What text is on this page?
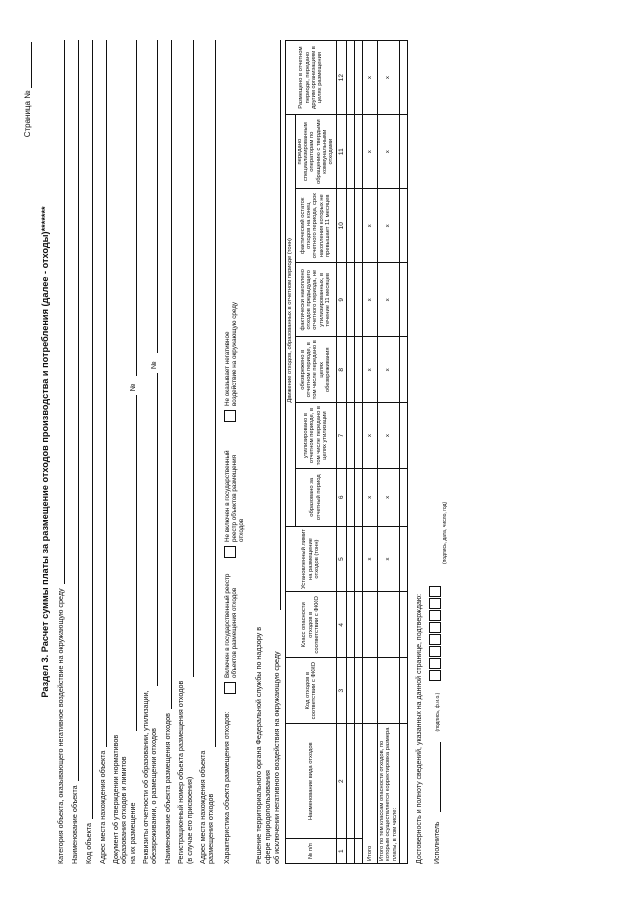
Страница №
Раздел 3. Расчет суммы платы за размещение отходов производства и потребления (далее - отходы)*******
Категория объекта, оказывающего негативное воздействие на окружающую среду Наименование объекта Код объекта Адрес места нахождения объекта Документ об утверждении нормативов
образования отходов и лимитов
на их размещение
№
Реквизиты отчетности об образовании, утилизации,
обезвреживании, о размещении отходов
№
Наименование объекта размещения отходов Регистрационный номер объекта размещения отходов
(в случае его присвоения)
Адрес места нахождения объекта
размещения отходов Характеристика объекта размещения отходов:
Включен в государственный реестр объектов размещения отходов
Не включен в государственный реестр объектов размещения отходов
Не оказывает негативное воздействие на окружающую среду
Решение территориального органа Федеральной службы по надзору в сфере природопользования
об исключении негативного воздействия на окружающую среду
№ п/п	Наименование вида отходов	Код отходов в соответствии с ФККО	Класс опасности отходов в соответствии с ФККО	Установленный лимит на размещение отходов (тонн)	Движение отходов, образованных в отчетном периоде (тонн)						Размещено в отчетном периоде, передано другим организациям в целях размещения
					образовано за отчетный период	утилизировано в отчетном периоде, в том числе передано в целях утилизации	обезврежено в отчетном периоде, в том числе передано в целях обезвреживания	фактически накоплено отходов предыдущего отчетного периода, не утилизированных, в течение 11 месяцев	фактический остаток отходов на конец отчетного периода, срок накопления которых не превышает 11 месяцев	передано специализированным операторам по обращению с твердыми коммунальными отходами	
1	2	3	4	5	6	7	8	9	10	11	12

Итого				x	x	x	x	x	x	x	x
Итого по тем классам опасности отходов, по которым осуществляется корректировка размера платы, в том числе:				x	x	x	x	x	x	x	x

Достоверность и полноту сведений, указанных на данной странице, подтверждаю: Исполнитель
(подпись, ф.и.о.)
(подпись, дата, число, год)
